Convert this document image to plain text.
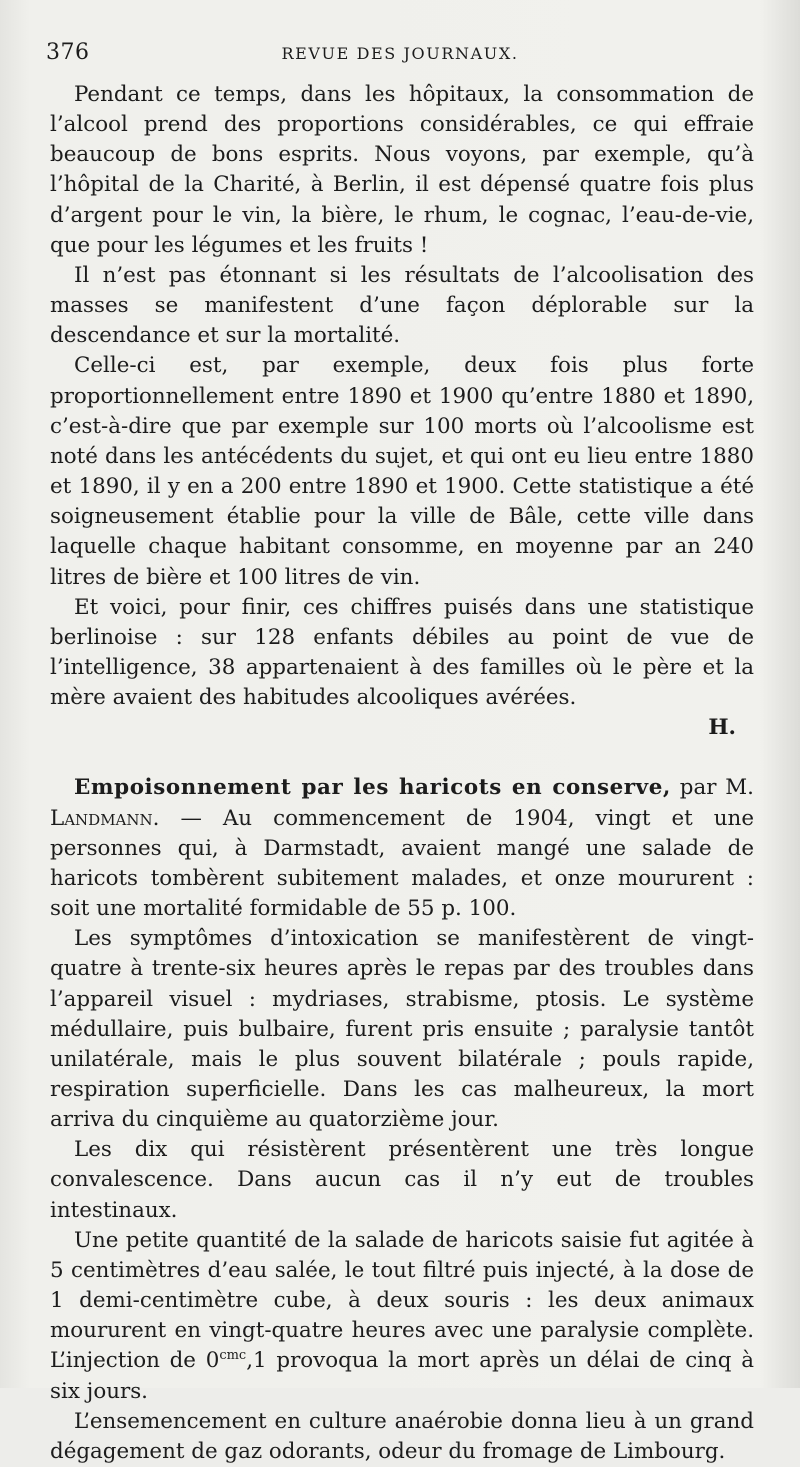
376	REVUE DES JOURNAUX.

Pendant ce temps, dans les hôpitaux, la consommation de l’alcool prend des proportions considérables, ce qui effraie beaucoup de bons esprits. Nous voyons, par exemple, qu’à l’hôpital de la Charité, à Berlin, il est dépensé quatre fois plus d’argent pour le vin, la bière, le rhum, le cognac, l’eau-de-vie, que pour les légumes et les fruits !

Il n’est pas étonnant si les résultats de l’alcoolisation des masses se manifestent d’une façon déplorable sur la descendance et sur la mortalité.

Celle-ci est, par exemple, deux fois plus forte proportionnellement entre 1890 et 1900 qu’entre 1880 et 1890, c’est-à-dire que par exemple sur 100 morts où l’alcoolisme est noté dans les antécédents du sujet, et qui ont eu lieu entre 1880 et 1890, il y en a 200 entre 1890 et 1900. Cette statistique a été soigneusement établie pour la ville de Bâle, cette ville dans laquelle chaque habitant consomme, en moyenne par an 240 litres de bière et 100 litres de vin.

Et voici, pour finir, ces chiffres puisés dans une statistique berlinoise : sur 128 enfants débiles au point de vue de l’intelligence, 38 appartenaient à des familles où le père et la mère avaient des habitudes alcooliques avérées.

H.

Empoisonnement par les haricots en conserve, par M. Landmann. — Au commencement de 1904, vingt et une personnes qui, à Darmstadt, avaient mangé une salade de haricots tombèrent subitement malades, et onze moururent : soit une mortalité formidable de 55 p. 100.

Les symptômes d’intoxication se manifestèrent de vingt-quatre à trente-six heures après le repas par des troubles dans l’appareil visuel : mydriases, strabisme, ptosis. Le système médullaire, puis bulbaire, furent pris ensuite ; paralysie tantôt unilatérale, mais le plus souvent bilatérale ; pouls rapide, respiration superficielle. Dans les cas malheureux, la mort arriva du cinquième au quatorzième jour.

Les dix qui résistèrent présentèrent une très longue convalescence. Dans aucun cas il n’y eut de troubles intestinaux.

Une petite quantité de la salade de haricots saisie fut agitée à 5 centimètres d’eau salée, le tout filtré puis injecté, à la dose de 1 demi-centimètre cube, à deux souris : les deux animaux moururent en vingt-quatre heures avec une paralysie complète. L’injection de $0^{cmc},1$ provoqua la mort après un délai de cinq à six jours.

L’ensemencement en culture anaérobie donna lieu à un grand dégagement de gaz odorants, odeur du fromage de Limbourg.
